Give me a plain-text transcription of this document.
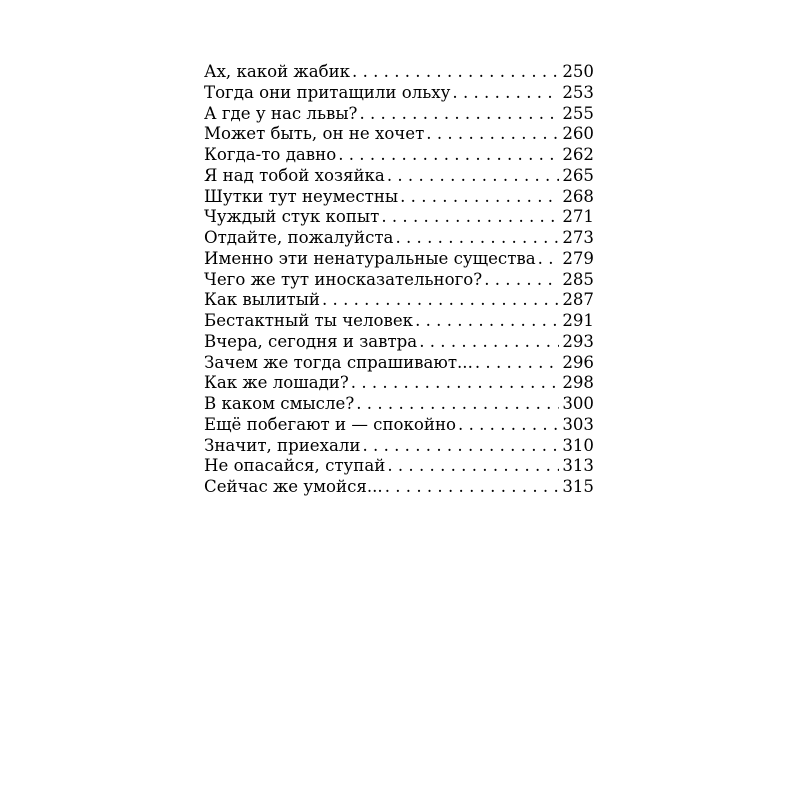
Ах, какой жабик . . .	250
Тогда они притащили ольху . . .	253
А где у нас львы? . . .	255
Может быть, он не хочет . . .	260
Когда-то давно . . .	262
Я над тобой хозяйка . . .	265
Шутки тут неуместны . . .	268
Чуждый стук копыт . . .	271
Отдайте, пожалуйста . . .	273
Именно эти ненатуральные существа . . . 279
Чего же тут иносказательного? . . .	285
Как вылитый . . .	287
Бестактный ты человек . . .	291
Вчера, сегодня и завтра . . .	293
Зачем же тогда спрашивают... . . .	296
Как же лошади? . . .	298
В каком смысле? . . .	300
Ещё побегают и — спокойно . . .	303
Значит, приехали . . .	310
Не опасайся, ступай . . .	313
Сейчас же умойся... . . .	315
